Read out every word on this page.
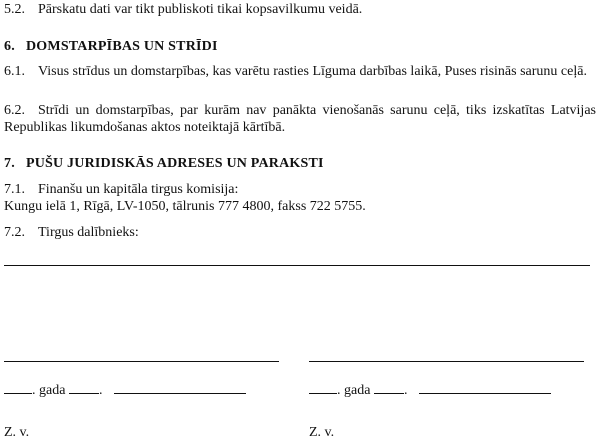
5.2. Pārskatu dati var tikt publiskoti tikai kopsavilkumu veidā.
6. DOMSTARPĪBAS UN STRĪDI
6.1. Visus strīdus un domstarpības, kas varētu rasties Līguma darbības laikā, Puses risinās sarunu ceļā.
6.2. Strīdi un domstarpības, par kurām nav panākta vienošanās sarunu ceļā, tiks izskatītas Latvijas Republikas likumdošanas aktos noteiktajā kārtībā.
7. PUŠU JURIDISKĀS ADRESES UN PARAKSTI
7.1. Finanšu un kapitāla tirgus komisija:
Kungu ielā 1, Rīgā, LV-1050, tālrunis 777 4800, fakss 722 5755.
7.2. Tirgus dalībnieks:
. gada .	. gada .
Z. v.	Z. v.
